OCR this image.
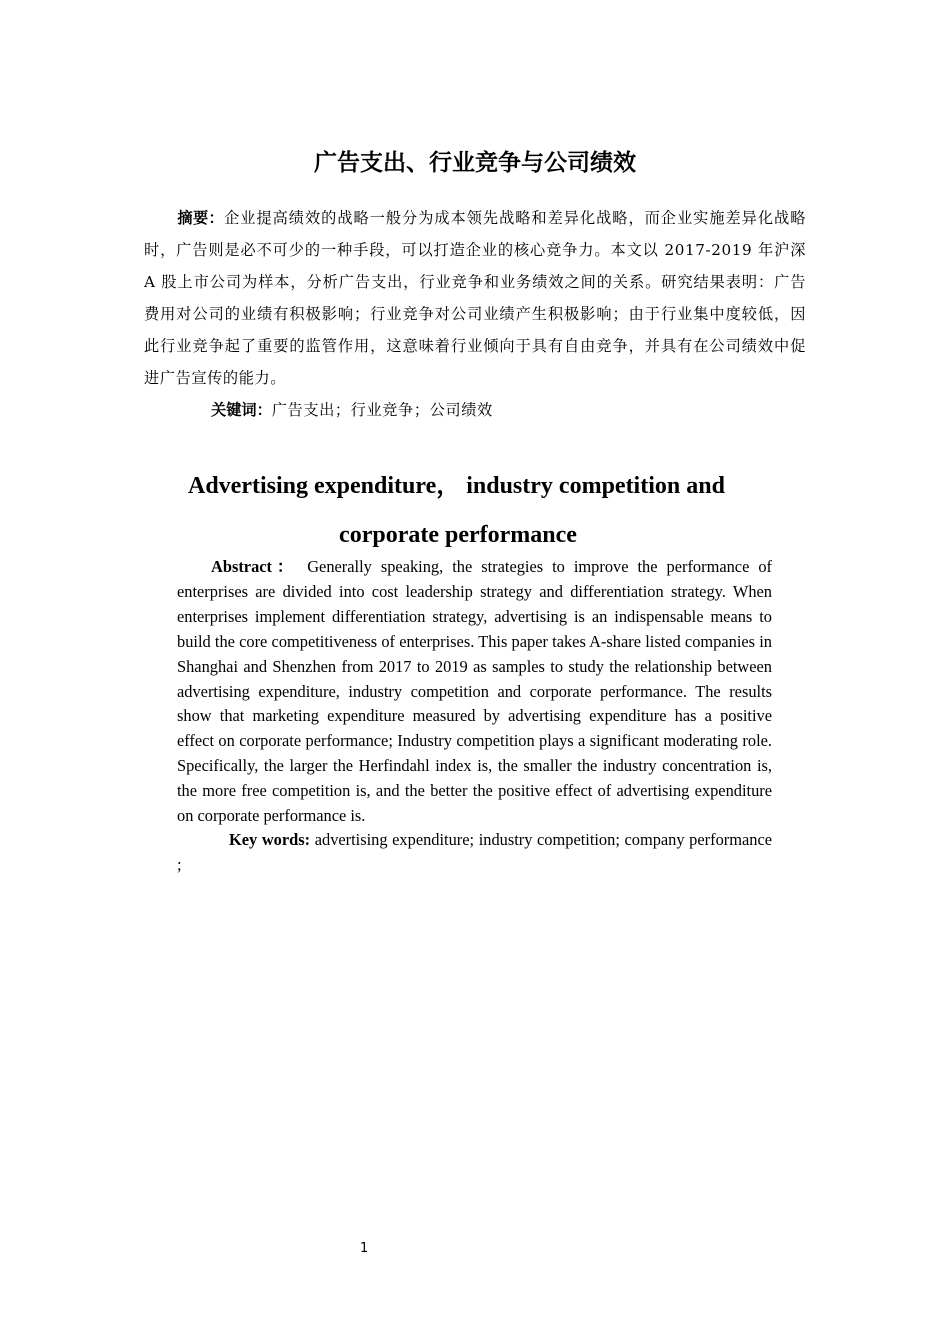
广告支出、行业竞争与公司绩效
摘要：企业提高绩效的战略一般分为成本领先战略和差异化战略，而企业实施差异化战略时，广告则是必不可少的一种手段，可以打造企业的核心竞争力。本文以 2017-2019 年沪深 A 股上市公司为样本，分析广告支出，行业竞争和业务绩效之间的关系。研究结果表明：广告费用对公司的业绩有积极影响；行业竞争对公司业绩产生积极影响；由于行业集中度较低，因此行业竞争起了重要的监管作用，这意味着行业倾向于具有自由竞争，并具有在公司绩效中促进广告宣传的能力。
关键词：广告支出；行业竞争；公司绩效
Advertising expenditure， industry competition and
corporate performance
Abstract： Generally speaking, the strategies to improve the performance of enterprises are divided into cost leadership strategy and differentiation strategy. When enterprises implement differentiation strategy, advertising is an indispensable means to build the core competitiveness of enterprises. This paper takes A-share listed companies in Shanghai and Shenzhen from 2017 to 2019 as samples to study the relationship between advertising expenditure, industry competition and corporate performance. The results show that marketing expenditure measured by advertising expenditure has a positive effect on corporate performance; Industry competition plays a significant moderating role. Specifically, the larger the Herfindahl index is, the smaller the industry concentration is, the more free competition is, and the better the positive effect of advertising expenditure on corporate performance is.
Key words: advertising expenditure; industry competition; company performance ;
1
